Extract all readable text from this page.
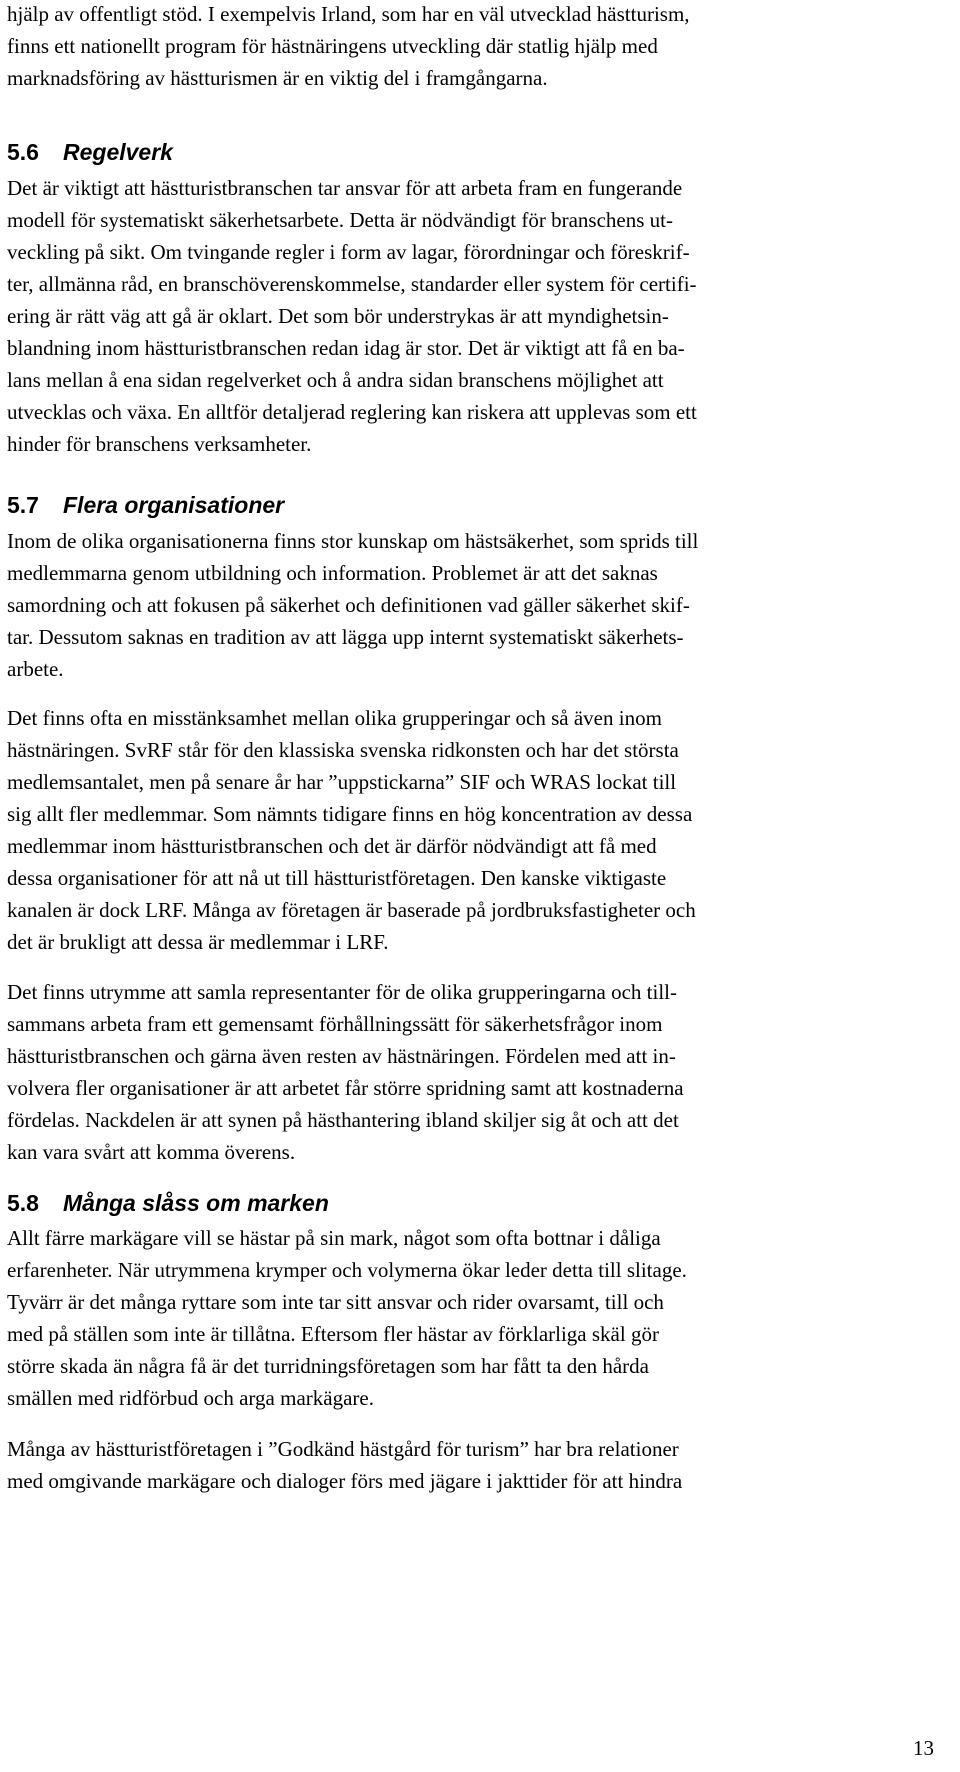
hjälp av offentligt stöd. I exempelvis Irland, som har en väl utvecklad hästturism,
finns ett nationellt program för hästnäringens utveckling där statlig hjälp med
marknadsföring av hästturismen är en viktig del i framgångarna.

5.6 Regelverk

Det är viktigt att hästturistbranschen tar ansvar för att arbeta fram en fungerande
modell för systematiskt säkerhetsarbete. Detta är nödvändigt för branschens ut-
veckling på sikt. Om tvingande regler i form av lagar, förordningar och föreskrif-
ter, allmänna råd, en branschöverenskommelse, standarder eller system för certifi-
ering är rätt väg att gå är oklart. Det som bör understrykas är att myndighetsin-
blandning inom hästturistbranschen redan idag är stor. Det är viktigt att få en ba-
lans mellan å ena sidan regelverket och å andra sidan branschens möjlighet att
utvecklas och växa. En alltför detaljerad reglering kan riskera att upplevas som ett
hinder för branschens verksamheter.

5.7 Flera organisationer

Inom de olika organisationerna finns stor kunskap om hästsäkerhet, som sprids till
medlemmarna genom utbildning och information. Problemet är att det saknas
samordning och att fokusen på säkerhet och definitionen vad gäller säkerhet skif-
tar. Dessutom saknas en tradition av att lägga upp internt systematiskt säkerhets-
arbete.

Det finns ofta en misstänksamhet mellan olika grupperingar och så även inom
hästnäringen. SvRF står för den klassiska svenska ridkonsten och har det största
medlemsantalet, men på senare år har ”uppstickarna” SIF och WRAS lockat till
sig allt fler medlemmar. Som nämnts tidigare finns en hög koncentration av dessa
medlemmar inom hästturistbranschen och det är därför nödvändigt att få med
dessa organisationer för att nå ut till hästturistföretagen. Den kanske viktigaste
kanalen är dock LRF. Många av företagen är baserade på jordbruksfastigheter och
det är brukligt att dessa är medlemmar i LRF.

Det finns utrymme att samla representanter för de olika grupperingarna och till-
sammans arbeta fram ett gemensamt förhållningssätt för säkerhetsfrågor inom
hästturistbranschen och gärna även resten av hästnäringen. Fördelen med att in-
volvera fler organisationer är att arbetet får större spridning samt att kostnaderna
fördelas. Nackdelen är att synen på hästhantering ibland skiljer sig åt och att det
kan vara svårt att komma överens.

5.8 Många slåss om marken

Allt färre markägare vill se hästar på sin mark, något som ofta bottnar i dåliga
erfarenheter. När utrymmena krymper och volymerna ökar leder detta till slitage.
Tyvärr är det många ryttare som inte tar sitt ansvar och rider ovarsamt, till och
med på ställen som inte är tillåtna. Eftersom fler hästar av förklarliga skäl gör
större skada än några få är det turridningsföretagen som har fått ta den hårda
smällen med ridförbud och arga markägare.

Många av hästturistföretagen i ”Godkänd hästgård för turism” har bra relationer
med omgivande markägare och dialoger förs med jägare i jakttider för att hindra

13
